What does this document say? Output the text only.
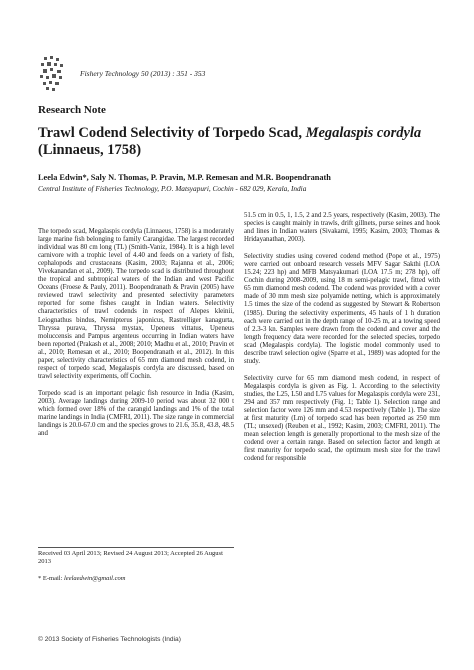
Fishery Technology 50 (2013) : 351 - 353
Research Note
Trawl Codend Selectivity of Torpedo Scad, Megalaspis cordyla (Linnaeus, 1758)
Leela Edwin*, Saly N. Thomas, P. Pravin, M.P. Remesan and M.R. Boopendranath
Central Institute of Fisheries Technology, P.O. Matsyapuri, Cochin - 682 029, Kerala, India

The torpedo scad, Megalaspis cordyla (Linnaeus, 1758) is a moderately large marine fish belonging to family Carangidae. The largest recorded individual was 80 cm long (TL) (Smith-Vaniz, 1984). It is a high level carnivore with a trophic level of 4.40 and feeds on a variety of fish, cephalopods and crustaceans (Kasim, 2003; Rajanna et al., 2006; Vivekanandan et al., 2009). The torpedo scad is distributed throughout the tropical and subtropical waters of the Indian and west Pacific Oceans (Froese & Pauly, 2011). Boopendranath & Pravin (2005) have reviewed trawl selectivity and presented selectivity parameters reported for some fishes caught in Indian waters. Selectivity characteristics of trawl codends in respect of Alepes kleinii, Leiognathus bindus, Nemipterus japonicus, Rastrelliger kanagurta, Thryssa purava, Thryssa mystax, Upeneus vittatus, Upeneus moluccensis and Pampus argenteus occurring in Indian waters have been reported (Prakash et al., 2008; 2010; Madhu et al., 2010; Pravin et al., 2010; Remesan et al., 2010; Boopendranath et al., 2012). In this paper, selectivity characteristics of 65 mm diamond mesh codend, in respect of torpedo scad, Megalaspis cordyla are discussed, based on trawl selectivity experiments, off Cochin.

Torpedo scad is an important pelagic fish resource in India (Kasim, 2003). Average landings during 2009-10 period was about 32 000 t which formed over 18% of the carangid landings and 1% of the total marine landings in India (CMFRI, 2011). The size range in commercial landings is 20.0-67.0 cm and the species grows to 21.6, 35.8, 43.8, 48.5 and

51.5 cm in 0.5, 1, 1.5, 2 and 2.5 years, respectively (Kasim, 2003). The species is caught mainly in trawls, drift gillnets, purse seines and hook and lines in Indian waters (Sivakami, 1995; Kasim, 2003; Thomas & Hridayanathan, 2003).

Selectivity studies using covered codend method (Pope et al., 1975) were carried out onboard research vessels MFV Sagar Sakthi (LOA 15.24; 223 hp) and MFB Matsyakumari (LOA 17.5 m; 278 hp), off Cochin during 2008-2009, using 18 m semi-pelagic trawl, fitted with 65 mm diamond mesh codend. The codend was provided with a cover made of 30 mm mesh size polyamide netting, which is approximately 1.5 times the size of the codend as suggested by Stewart & Robertson (1985). During the selectivity experiments, 45 hauls of 1 h duration each were carried out in the depth range of 10-25 m, at a towing speed of 2.3-3 kn. Samples were drawn from the codend and cover and the length frequency data were recorded for the selected species, torpedo scad (Megalaspis cordyla). The logistic model commonly used to describe trawl selection ogive (Sparre et al., 1989) was adopted for the study.

Selectivity curve for 65 mm diamond mesh codend, in respect of Megalaspis cordyla is given as Fig. 1. According to the selectivity studies, the L25, L50 and L75 values for Megalaspis cordyla were 231, 294 and 357 mm respectively (Fig. 1; Table 1). Selection range and selection factor were 126 mm and 4.53 respectively (Table 1). The size at first maturity (Lm) of torpedo scad has been reported as 250 mm (TL; unsexed) (Reuben et al., 1992; Kasim, 2003; CMFRI, 2011). The mean selection length is generally proportional to the mesh size of the codend over a certain range. Based on selection factor and length at first maturity for torpedo scad, the optimum mesh size for the trawl codend for responsible

Received 03 April 2013; Revised 24 August 2013; Accepted 26 August 2013
* E-mail: leelaedwin@gmail.com
© 2013 Society of Fisheries Technologists (India)
